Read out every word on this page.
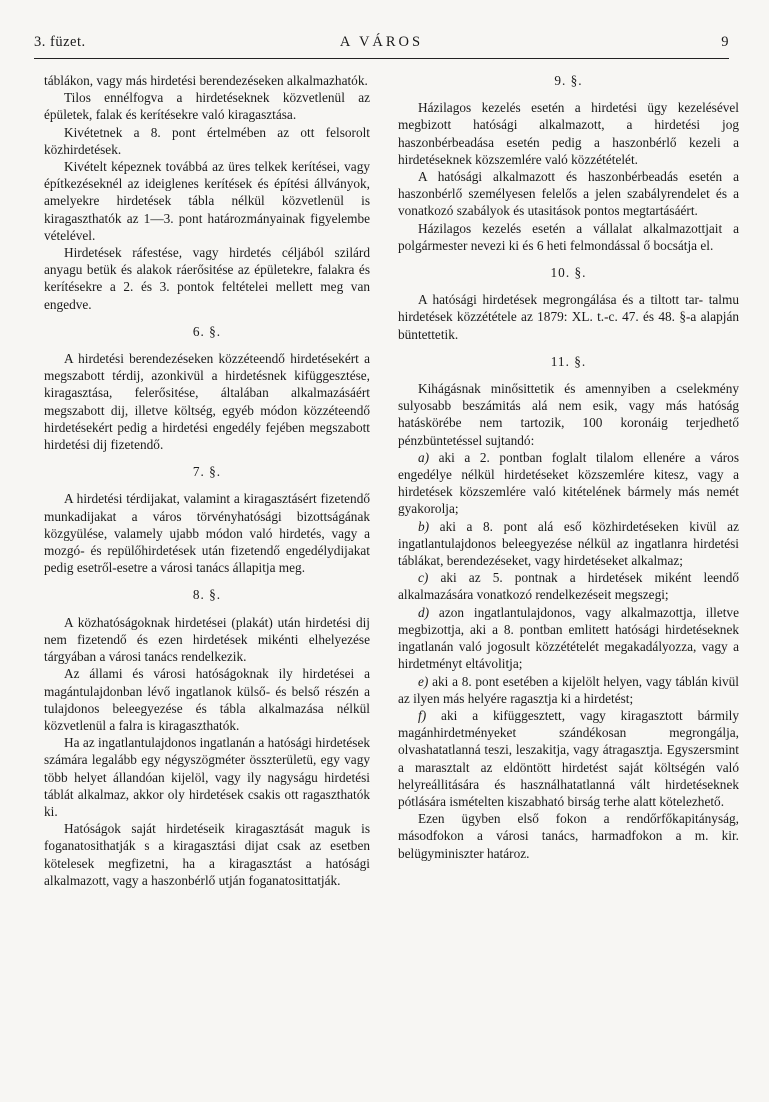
3. füzet.	A VÁROS	9

táblákon, vagy más hirdetési berendezéseken alkalmazhatók.

Tilos ennélfogva a hirdetéseknek közvetlenül az épületek, falak és kerítésekre való kiragasztása.

Kivétetnek a 8. pont értelmében az ott felsorolt közhirdetések.

Kivételt képeznek továbbá az üres telkek kerítései, vagy építkezéseknél az ideiglenes kerítések és építési állványok, amelyekre hirdetések tábla nélkül közvetlenül is kiragaszthatók az 1—3. pont határozmányainak figyelembe vételével.

Hirdetések ráfestése, vagy hirdetés céljából szilárd anyagu betük és alakok ráerősitése az épületekre, falakra és kerítésekre a 2. és 3. pontok feltételei mellett meg van engedve.

6. §.

A hirdetési berendezéseken közzéteendő hirdetésekért a megszabott térdij, azonkivül a hirdetésnek kifüggesztése, kiragasztása, felerősitése, általában alkalmazásáért megszabott dij, illetve költség, egyéb módon közzéteendő hirdetésekért pedig a hirdetési engedély fejében megszabott hirdetési dij fizetendő.

7. §.

A hirdetési térdijakat, valamint a kiragasztásért fizetendő munkadijakat a város törvényhatósági bizottságának közgyülése, valamely ujabb módon való hirdetés, vagy a mozgó- és repülőhirdetések után fizetendő engedélydijakat pedig esetről-esetre a városi tanács állapitja meg.

8. §.

A közhatóságoknak hirdetései (plakát) után hirdetési dij nem fizetendő és ezen hirdetések mikénti elhelyezése tárgyában a városi tanács rendelkezik.

Az állami és városi hatóságoknak ily hirdetései a magántulajdonban lévő ingatlanok külső- és belső részén a tulajdonos beleegyezése és tábla alkalmazása nélkül közvetlenül a falra is kiragaszthatók.

Ha az ingatlantulajdonos ingatlanán a hatósági hirdetések számára legalább egy négyszögméter összterületü, egy vagy több helyet állandóan kijelöl, vagy ily nagyságu hirdetési táblát alkalmaz, akkor oly hirdetések csakis ott ragaszthatók ki.

Hatóságok saját hirdetéseik kiragasztását maguk is foganatosithatják s a kiragasztási dijat csak az esetben kötelesek megfizetni, ha a kiragasztást a hatósági alkalmazott, vagy a haszonbérlő utján foganatosittatják.

9. §.

Házilagos kezelés esetén a hirdetési ügy kezelésével megbizott hatósági alkalmazott, a hirdetési jog haszonbérbeadása esetén pedig a haszonbérlő kezeli a hirdetéseknek közszemlére való közzétételét.

A hatósági alkalmazott és haszonbérbeadás esetén a haszonbérlő személyesen felelős a jelen szabályrendelet és a vonatkozó szabályok és utasitások pontos megtartásáért.

Házilagos kezelés esetén a vállalat alkalmazottjait a polgármester nevezi ki és 6 heti felmondással ő bocsátja el.

10. §.

A hatósági hirdetések megrongálása és a tiltott tar- talmu hirdetések közzététele az 1879: XL. t.-c. 47. és 48. §-a alapján büntettetik.

11. §.

Kihágásnak minősittetik és amennyiben a cselekmény sulyosabb beszámitás alá nem esik, vagy más hatóság hatáskörébe nem tartozik, 100 koronáig terjedhető pénzbüntetéssel sujtandó:

a) aki a 2. pontban foglalt tilalom ellenére a város engedélye nélkül hirdetéseket közszemlére kitesz, vagy a hirdetések közszemlére való kitételének bármely más nemét gyakorolja;

b) aki a 8. pont alá eső közhirdetéseken kivül az ingatlantulajdonos beleegyezése nélkül az ingatlanra hirdetési táblákat, berendezéseket, vagy hirdetéseket alkalmaz;

c) aki az 5. pontnak a hirdetések miként leendő alkalmazására vonatkozó rendelkezéseit megszegi;

d) azon ingatlantulajdonos, vagy alkalmazottja, illetve megbizottja, aki a 8. pontban emlitett hatósági hirdetéseknek ingatlanán való jogosult közzétételét megakadályozza, vagy a hirdetményt eltávolitja;

e) aki a 8. pont esetében a kijelölt helyen, vagy táblán kivül az ilyen más helyére ragasztja ki a hirdetést;

f) aki a kifüggesztett, vagy kiragasztott bármily magánhirdetményeket szándékosan megrongálja, olvashatatlanná teszi, leszakitja, vagy átragasztja. Egyszersmint a marasztalt az eldöntött hirdetést saját költségén való helyreállitására és használhatatlanná vált hirdetéseknek pótlására ismételten kiszabható birság terhe alatt kötelezhető.

Ezen ügyben első fokon a rendőrfőkapitányság, másodfokon a városi tanács, harmadfokon a m. kir. belügyminiszter határoz.
